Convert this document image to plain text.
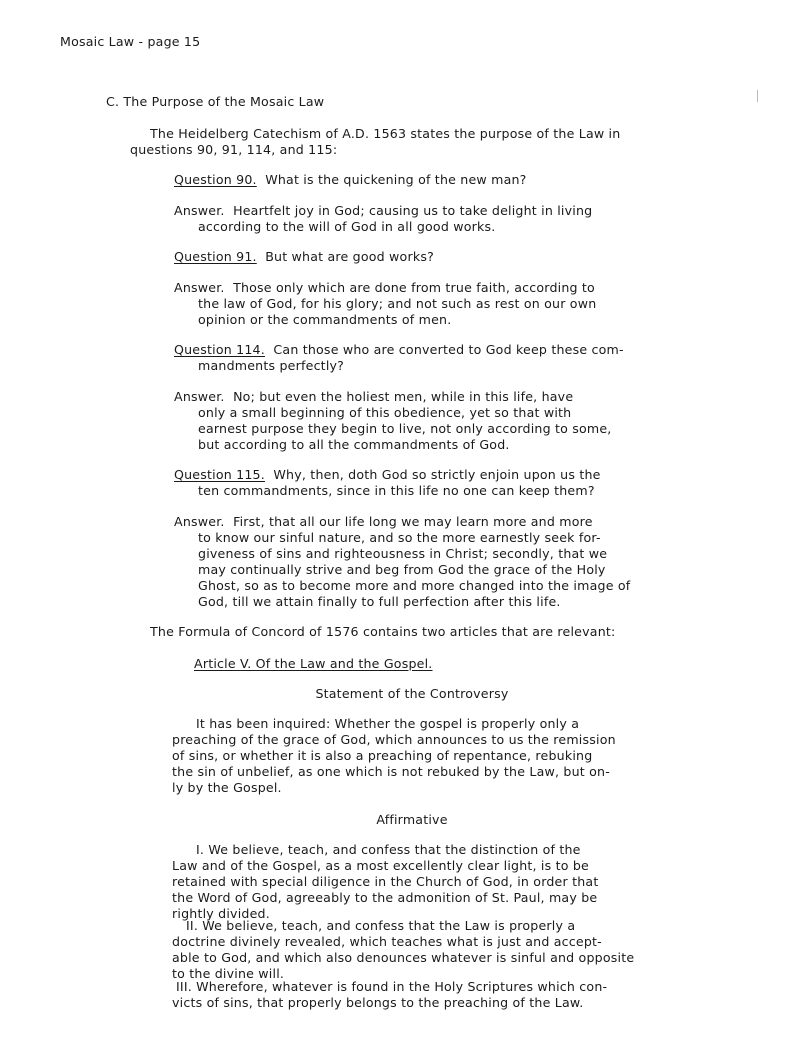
Mosaic Law - page 15
C. The Purpose of the Mosaic Law
The Heidelberg Catechism of A.D. 1563 states the purpose of the Law in
questions 90, 91, 114, and 115:
Question 90. What is the quickening of the new man?
Answer. Heartfelt joy in God; causing us to take delight in living
according to the will of God in all good works.
Question 91. But what are good works?
Answer. Those only which are done from true faith, according to
the law of God, for his glory; and not such as rest on our own
opinion or the commandments of men.
Question 114. Can those who are converted to God keep these com-
mandments perfectly?
Answer. No; but even the holiest men, while in this life, have
only a small beginning of this obedience, yet so that with
earnest purpose they begin to live, not only according to some,
but according to all the commandments of God.
Question 115. Why, then, doth God so strictly enjoin upon us the
ten commandments, since in this life no one can keep them?
Answer. First, that all our life long we may learn more and more
to know our sinful nature, and so the more earnestly seek for-
giveness of sins and righteousness in Christ; secondly, that we
may continually strive and beg from God the grace of the Holy
Ghost, so as to become more and more changed into the image of
God, till we attain finally to full perfection after this life.
The Formula of Concord of 1576 contains two articles that are relevant:
Article V. Of the Law and the Gospel.
Statement of the Controversy
It has been inquired: Whether the gospel is properly only a
preaching of the grace of God, which announces to us the remission
of sins, or whether it is also a preaching of repentance, rebuking
the sin of unbelief, as one which is not rebuked by the Law, but on-
ly by the Gospel.
Affirmative
I. We believe, teach, and confess that the distinction of the
Law and of the Gospel, as a most excellently clear light, is to be
retained with special diligence in the Church of God, in order that
the Word of God, agreeably to the admonition of St. Paul, may be
rightly divided.
II. We believe, teach, and confess that the Law is properly a
doctrine divinely revealed, which teaches what is just and accept-
able to God, and which also denounces whatever is sinful and opposite
to the divine will.
III. Wherefore, whatever is found in the Holy Scriptures which con-
victs of sins, that properly belongs to the preaching of the Law.
